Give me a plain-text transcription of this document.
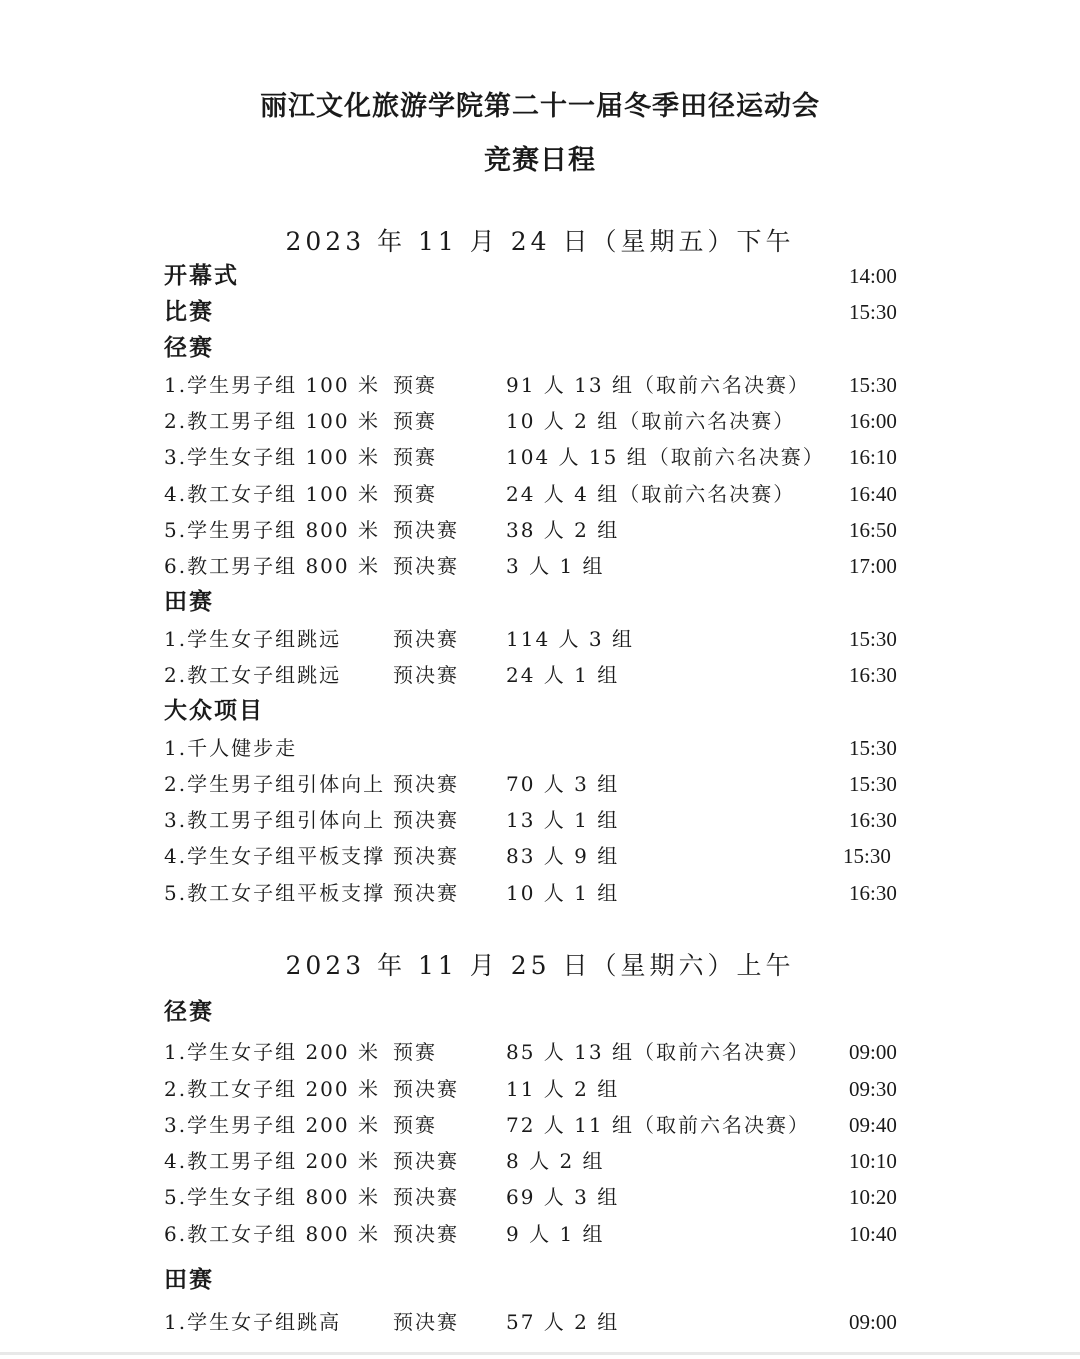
丽江文化旅游学院第二十一届冬季田径运动会
竞赛日程
2023 年 11 月 24 日（星期五）下午
开幕式	14:00
比赛	15:30
径赛
1.学生男子组 100 米 预赛	91 人 13 组（取前六名决赛） 15:30
2.教工男子组 100 米 预赛	10 人 2 组（取前六名决赛）	16:00
3.学生女子组 100 米 预赛	104 人 15 组（取前六名决赛） 16:10
4.教工女子组 100 米 预赛	24 人 4 组（取前六名决赛）	16:40
5.学生男子组 800 米 预决赛 38 人 2 组	16:50
6.教工男子组 800 米 预决赛 3 人 1 组	17:00
田赛
1.学生女子组跳远	预决赛 114 人 3 组	15:30
2.教工女子组跳远	预决赛 24 人 1 组	16:30
大众项目
1.千人健步走	15:30
2.学生男子组引体向上 预决赛 70 人 3 组	15:30
3.教工男子组引体向上 预决赛 13 人 1 组	16:30
4.学生女子组平板支撑 预决赛 83 人 9 组	15:30
5.教工女子组平板支撑 预决赛 10 人 1 组	16:30
2023 年 11 月 25 日（星期六）上午
径赛
1.学生女子组 200 米 预赛	85 人 13 组（取前六名决赛） 09:00
2.教工女子组 200 米 预决赛 11 人 2 组	09:30
3.学生男子组 200 米 预赛	72 人 11 组（取前六名决赛） 09:40
4.教工男子组 200 米 预决赛 8 人 2 组	10:10
5.学生女子组 800 米 预决赛 69 人 3 组	10:20
6.教工女子组 800 米 预决赛 9 人 1 组	10:40
田赛
1.学生女子组跳高	预决赛 57 人 2 组	09:00
